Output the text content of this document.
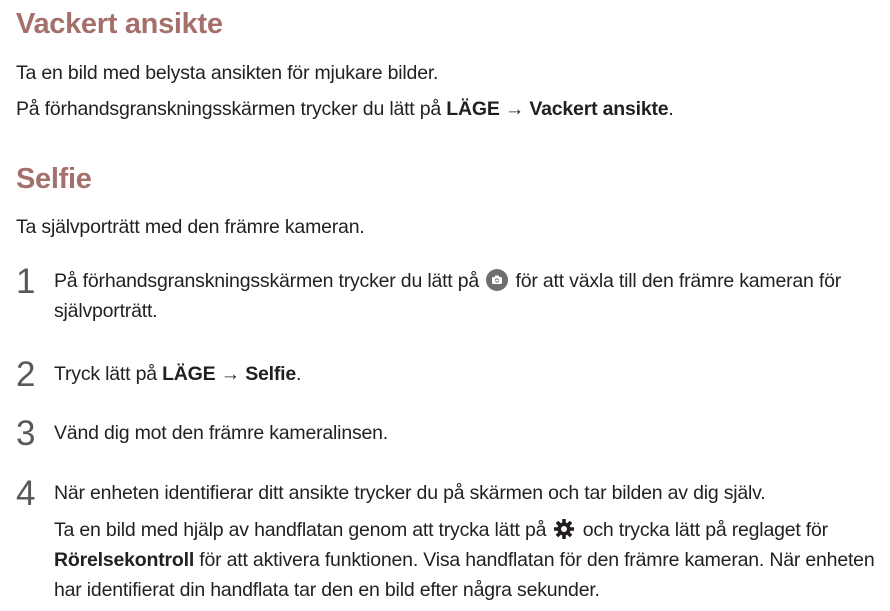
Vackert ansikte
Ta en bild med belysta ansikten för mjukare bilder.
På förhandsgranskningsskärmen trycker du lätt på LÄGE → Vackert ansikte.
Selfie
Ta självporträtt med den främre kameran.
1 På förhandsgranskningsskärmen trycker du lätt på  för att växla till den främre kameran för självporträtt.
2 Tryck lätt på LÄGE → Selfie.
3 Vänd dig mot den främre kameralinsen.
4 När enheten identifierar ditt ansikte trycker du på skärmen och tar bilden av dig själv.
Ta en bild med hjälp av handflatan genom att trycka lätt på  och trycka lätt på reglaget för Rörelsekontroll för att aktivera funktionen. Visa handflatan för den främre kameran. När enheten har identifierat din handflata tar den en bild efter några sekunder.
